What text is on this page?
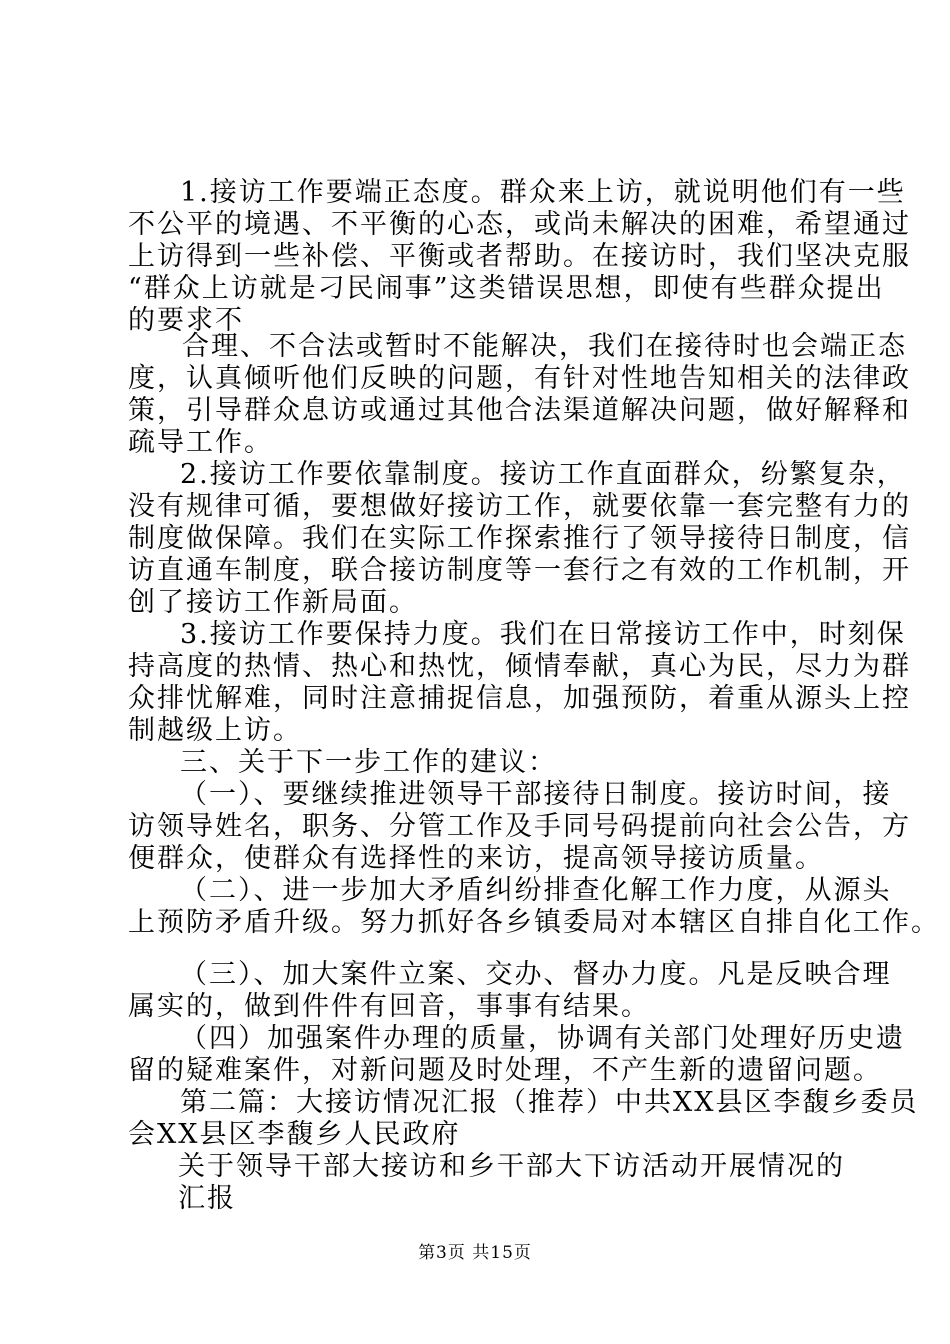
1.接访工作要端正态度。群众来上访，就说明他们有一些
不公平的境遇、不平衡的心态，或尚未解决的困难，希望通过
上访得到一些补偿、平衡或者帮助。在接访时，我们坚决克服
“群众上访就是刁民闹事”这类错误思想，即使有些群众提出
的要求不
合理、不合法或暂时不能解决，我们在接待时也会端正态
度，认真倾听他们反映的问题，有针对性地告知相关的法律政
策，引导群众息访或通过其他合法渠道解决问题，做好解释和
疏导工作。
2.接访工作要依靠制度。接访工作直面群众，纷繁复杂，
没有规律可循，要想做好接访工作，就要依靠一套完整有力的
制度做保障。我们在实际工作探索推行了领导接待日制度，信
访直通车制度，联合接访制度等一套行之有效的工作机制，开
创了接访工作新局面。
3.接访工作要保持力度。我们在日常接访工作中，时刻保
持高度的热情、热心和热忱，倾情奉献，真心为民，尽力为群
众排忧解难，同时注意捕捉信息，加强预防，着重从源头上控
制越级上访。
三、关于下一步工作的建议：
（一）、要继续推进领导干部接待日制度。接访时间，接
访领导姓名，职务、分管工作及手同号码提前向社会公告，方
便群众，使群众有选择性的来访，提高领导接访质量。
（二）、进一步加大矛盾纠纷排查化解工作力度，从源头
上预防矛盾升级。努力抓好各乡镇委局对本辖区自排自化工作。
（三）、加大案件立案、交办、督办力度。凡是反映合理
属实的，做到件件有回音，事事有结果。
（四）加强案件办理的质量，协调有关部门处理好历史遗
留的疑难案件，对新问题及时处理，不产生新的遗留问题。
第二篇：大接访情况汇报（推荐）中共XX县区李馥乡委员
会XX县区李馥乡人民政府
关于领导干部大接访和乡干部大下访活动开展情况的
汇报
第3页 共15页
